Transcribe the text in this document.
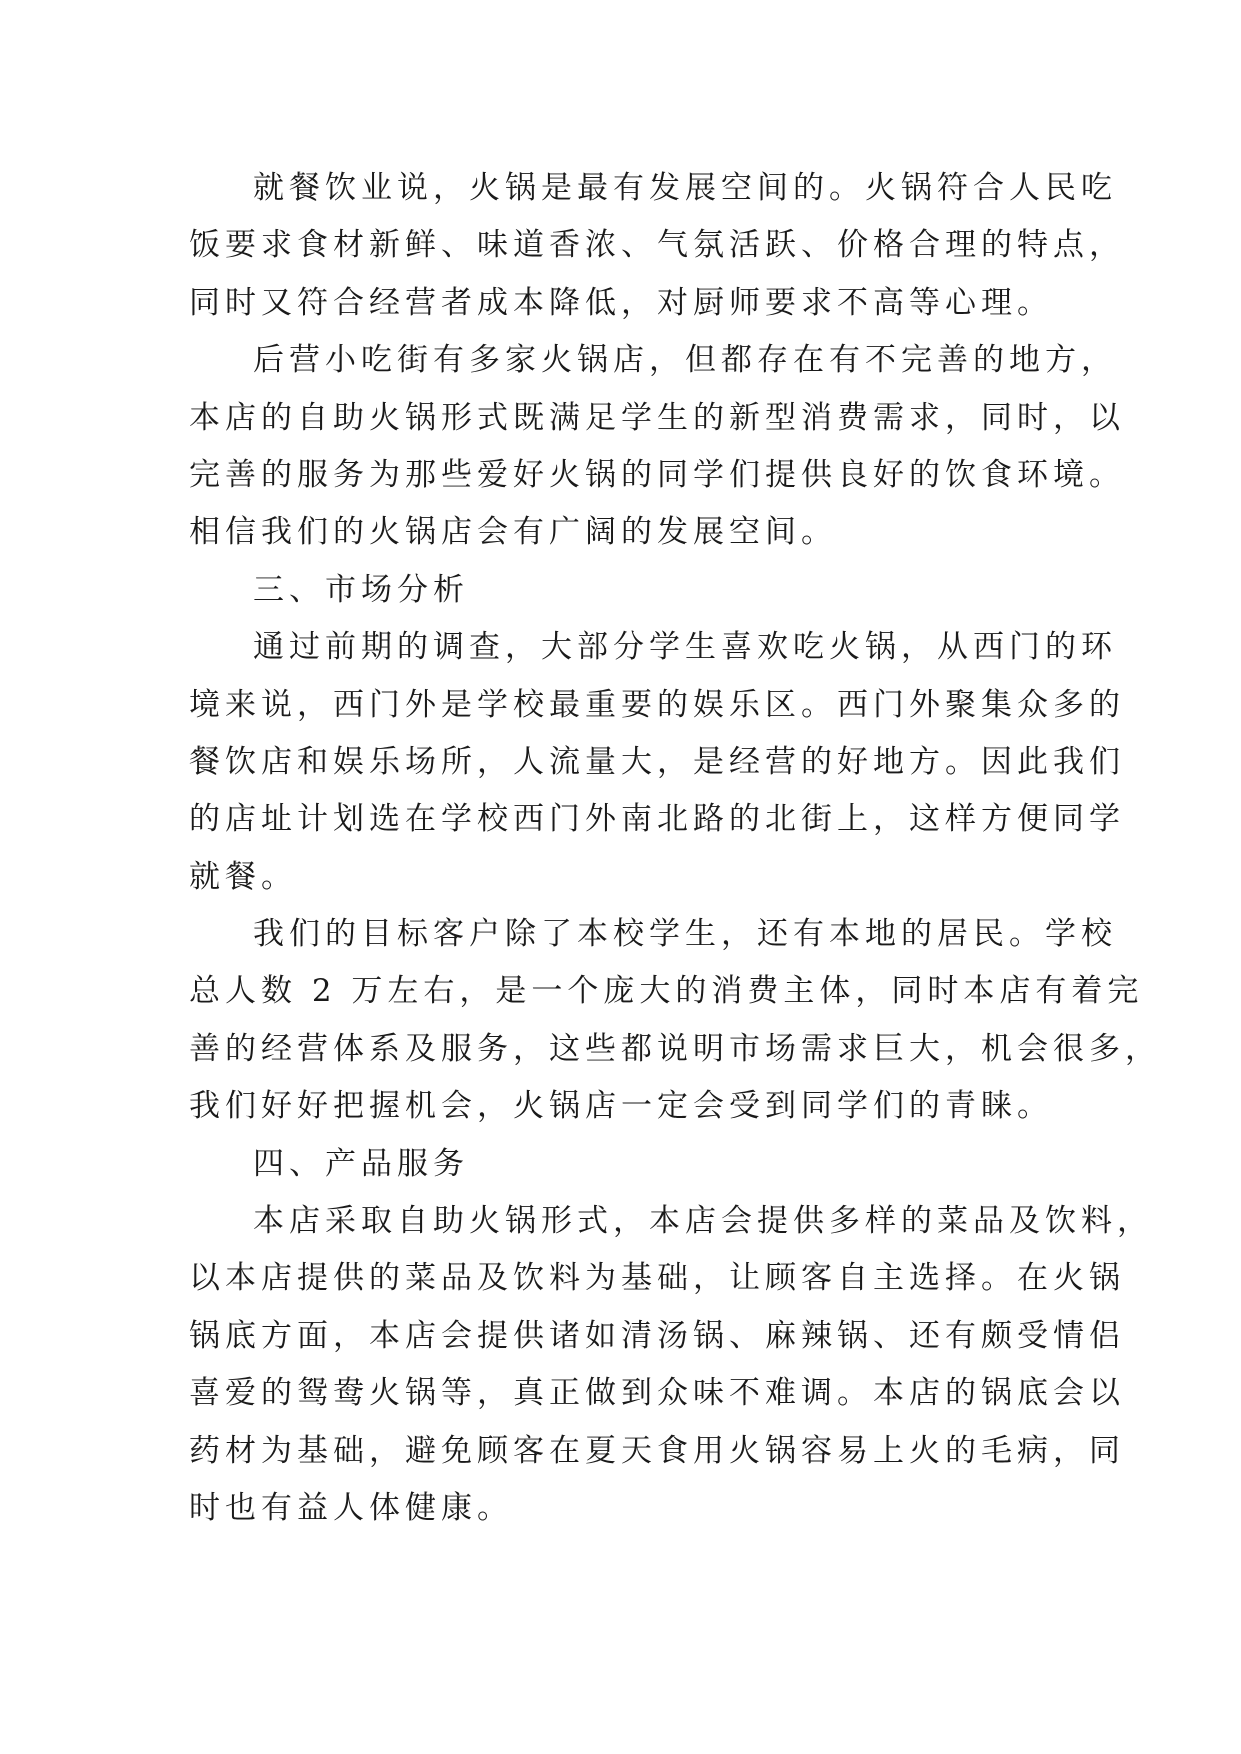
就餐饮业说，火锅是最有发展空间的。火锅符合人民吃
饭要求食材新鲜、味道香浓、气氛活跃、价格合理的特点，
同时又符合经营者成本降低，对厨师要求不高等心理。
后营小吃街有多家火锅店，但都存在有不完善的地方，
本店的自助火锅形式既满足学生的新型消费需求，同时，以
完善的服务为那些爱好火锅的同学们提供良好的饮食环境。
相信我们的火锅店会有广阔的发展空间。
三、市场分析
通过前期的调查，大部分学生喜欢吃火锅，从西门的环
境来说，西门外是学校最重要的娱乐区。西门外聚集众多的
餐饮店和娱乐场所，人流量大，是经营的好地方。因此我们
的店址计划选在学校西门外南北路的北街上，这样方便同学
就餐。
我们的目标客户除了本校学生，还有本地的居民。学校
总人数 2 万左右，是一个庞大的消费主体，同时本店有着完
善的经营体系及服务，这些都说明市场需求巨大，机会很多，
我们好好把握机会，火锅店一定会受到同学们的青睐。
四、产品服务
本店采取自助火锅形式，本店会提供多样的菜品及饮料，
以本店提供的菜品及饮料为基础，让顾客自主选择。在火锅
锅底方面，本店会提供诸如清汤锅、麻辣锅、还有颇受情侣
喜爱的鸳鸯火锅等，真正做到众味不难调。本店的锅底会以
药材为基础，避免顾客在夏天食用火锅容易上火的毛病，同
时也有益人体健康。
